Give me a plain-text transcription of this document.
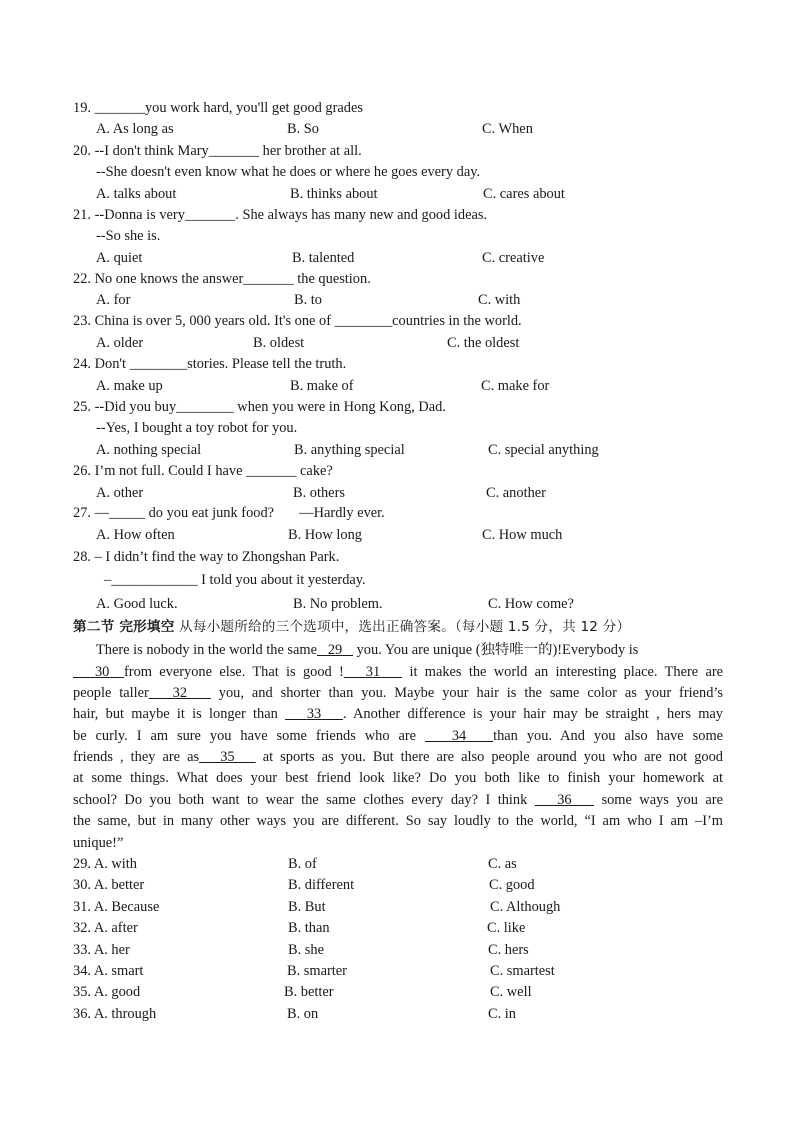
19. _______you work hard, you'll get good grades
A. As long as	B. So	C. When
20. --I don't think Mary_______ her brother at all.
--She doesn't even know what he does or where he goes every day.
A. talks about	B. thinks about	C. cares about
21. --Donna is very_______. She always has many new and good ideas.
--So she is.
A. quiet	B. talented	C. creative
22. No one knows the answer_______ the question.
A. for	B. to	C. with
23. China is over 5, 000 years old. It's one of ________countries in the world.
A. older	B. oldest	C. the oldest
24. Don't ________stories. Please tell the truth.
A. make up	B. make of	C. make for
25. --Did you buy________ when you were in Hong Kong, Dad.
--Yes, I bought a toy robot for you.
A. nothing special	B. anything special	C. special anything
26. I’m not full. Could I have _______ cake?
A. other	B. others	C. another
27. —_____ do you eat junk food?       —Hardly ever.
A. How often	B. How long	C. How much
28. – I didn’t find the way to Zhongshan Park.
–____________ I told you about it yesterday.
A. Good luck.	B. No problem.	C. How come?
第二节 完形填空 从每小题所给的三个选项中，选出正确答案。（每小题 1.5 分，共 12 分）
There is nobody in the world the same 29 you. You are unique (独特唯一的)!Everybody is
30 from everyone else. That is good ! 31 it makes the world an interesting place. There are
people taller 32 you, and shorter than you. Maybe your hair is the same color as your friend’s
hair, but maybe it is longer than 33 . Another difference is your hair may be straight , hers may
be curly. I am sure you have some friends who are 34 than you. And you also have some
friends , they are as 35 at sports as you. But there are also people around you who are not good
at some things. What does your best friend look like? Do you both like to finish your homework at
school? Do you both want to wear the same clothes every day? I think 36 some ways you are
the same, but in many other ways you are different. So say loudly to the world, “I am who I am –I’m
unique!”
29. A. with	B. of	C. as
30. A. better	B. different	C. good
31. A. Because	B. But	C. Although
32. A. after	B. than	C. like
33. A. her	B. she	C. hers
34. A. smart	B. smarter	C. smartest
35. A. good	B. better	C. well
36. A. through	B. on	C. in
